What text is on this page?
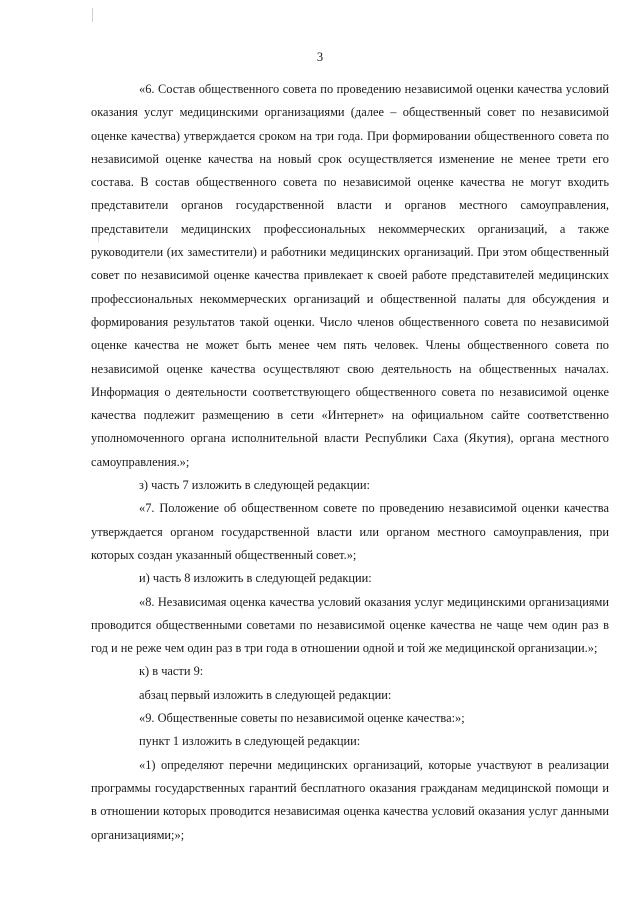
3

«6. Состав общественного совета по проведению независимой оценки качества условий оказания услуг медицинскими организациями (далее – общественный совет по независимой оценке качества) утверждается сроком на три года. При формировании общественного совета по независимой оценке качества на новый срок осуществляется изменение не менее трети его состава. В состав общественного совета по независимой оценке качества не могут входить представители органов государственной власти и органов местного самоуправления, представители медицинских профессиональных некоммерческих организаций, а также руководители (их заместители) и работники медицинских организаций. При этом общественный совет по независимой оценке качества привлекает к своей работе представителей медицинских профессиональных некоммерческих организаций и общественной палаты для обсуждения и формирования результатов такой оценки. Число членов общественного совета по независимой оценке качества не может быть менее чем пять человек. Члены общественного совета по независимой оценке качества осуществляют свою деятельность на общественных началах. Информация о деятельности соответствующего общественного совета по независимой оценке качества подлежит размещению в сети «Интернет» на официальном сайте соответственно уполномоченного органа исполнительной власти Республики Саха (Якутия), органа местного самоуправления.»;

з) часть 7 изложить в следующей редакции:

«7. Положение об общественном совете по проведению независимой оценки качества утверждается органом государственной власти или органом местного самоуправления, при которых создан указанный общественный совет.»;

и) часть 8 изложить в следующей редакции:

«8. Независимая оценка качества условий оказания услуг медицинскими организациями проводится общественными советами по независимой оценке качества не чаще чем один раз в год и не реже чем один раз в три года в отношении одной и той же медицинской организации.»;

к) в части 9:

абзац первый изложить в следующей редакции:

«9. Общественные советы по независимой оценке качества:»;

пункт 1 изложить в следующей редакции:

«1) определяют перечни медицинских организаций, которые участвуют в реализации программы государственных гарантий бесплатного оказания гражданам медицинской помощи и в отношении которых проводится независимая оценка качества условий оказания услуг данными организациями;»;
